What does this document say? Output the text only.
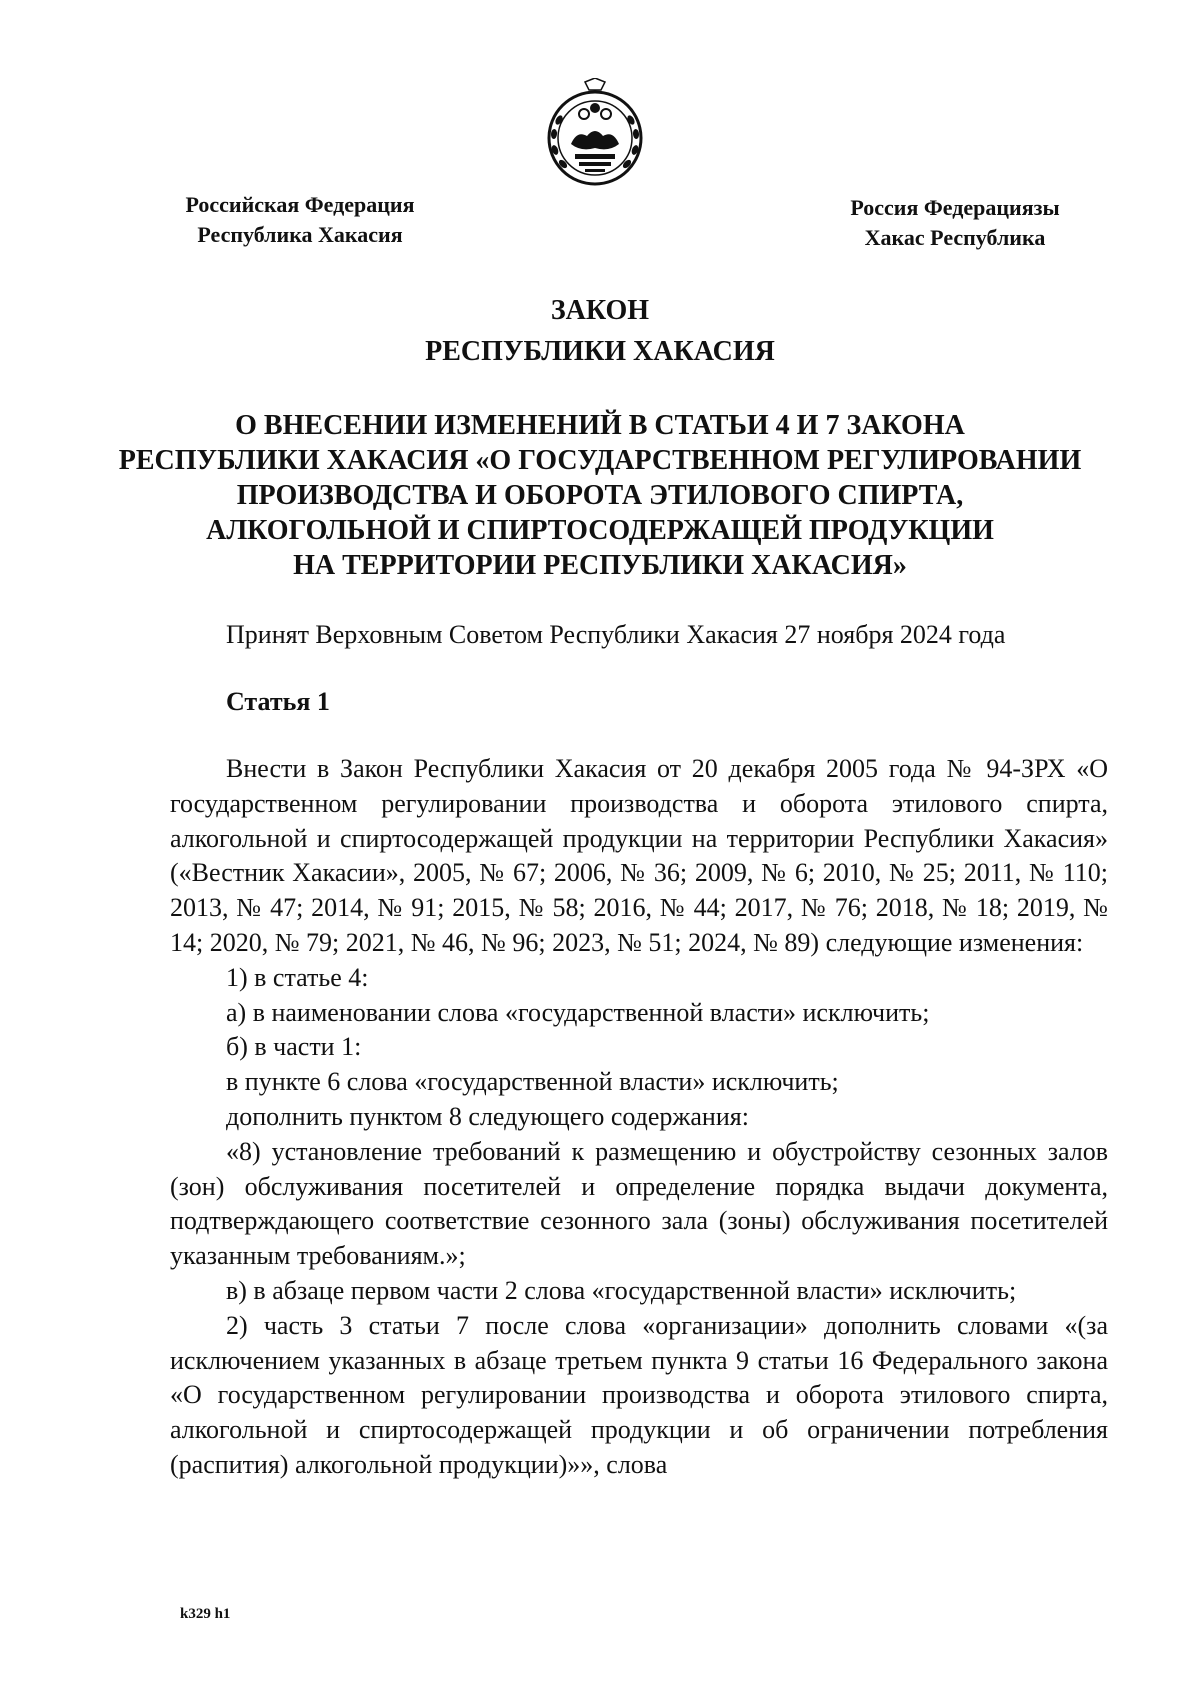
Российская Федерация
Республика Хакасия
Россия Федерациязы
Хакас Республика
ЗАКОН
РЕСПУБЛИКИ ХАКАСИЯ
О ВНЕСЕНИИ ИЗМЕНЕНИЙ В СТАТЬИ 4 И 7 ЗАКОНА
РЕСПУБЛИКИ ХАКАСИЯ «О ГОСУДАРСТВЕННОМ РЕГУЛИРОВАНИИ
ПРОИЗВОДСТВА И ОБОРОТА ЭТИЛОВОГО СПИРТА,
АЛКОГОЛЬНОЙ И СПИРТОСОДЕРЖАЩЕЙ ПРОДУКЦИИ
НА ТЕРРИТОРИИ РЕСПУБЛИКИ ХАКАСИЯ»
Принят Верховным Советом Республики Хакасия 27 ноября 2024 года
Статья 1

Внести в Закон Республики Хакасия от 20 декабря 2005 года № 94-ЗРХ «О государственном регулировании производства и оборота этилового спирта, алкогольной и спиртосодержащей продукции на территории Республики Хакасия» («Вестник Хакасии», 2005, № 67; 2006, № 36; 2009, № 6; 2010, № 25; 2011, № 110; 2013, № 47; 2014, № 91; 2015, № 58; 2016, № 44; 2017, № 76; 2018, № 18; 2019, № 14; 2020, № 79; 2021, № 46, № 96; 2023, № 51; 2024, № 89) следующие изменения:

1) в статье 4:

а) в наименовании слова «государственной власти» исключить;

б) в части 1:

в пункте 6 слова «государственной власти» исключить;

дополнить пунктом 8 следующего содержания:

«8) установление требований к размещению и обустройству сезонных залов (зон) обслуживания посетителей и определение порядка выдачи документа, подтверждающего соответствие сезонного зала (зоны) обслуживания посетителей указанным требованиям.»;

в) в абзаце первом части 2 слова «государственной власти» исключить;

2) часть 3 статьи 7 после слова «организации» дополнить словами «(за исключением указанных в абзаце третьем пункта 9 статьи 16 Федерального закона «О государственном регулировании производства и оборота этилового спирта, алкогольной и спиртосодержащей продукции и об ограничении потребления (распития) алкогольной продукции)»», слова

k329 h1
